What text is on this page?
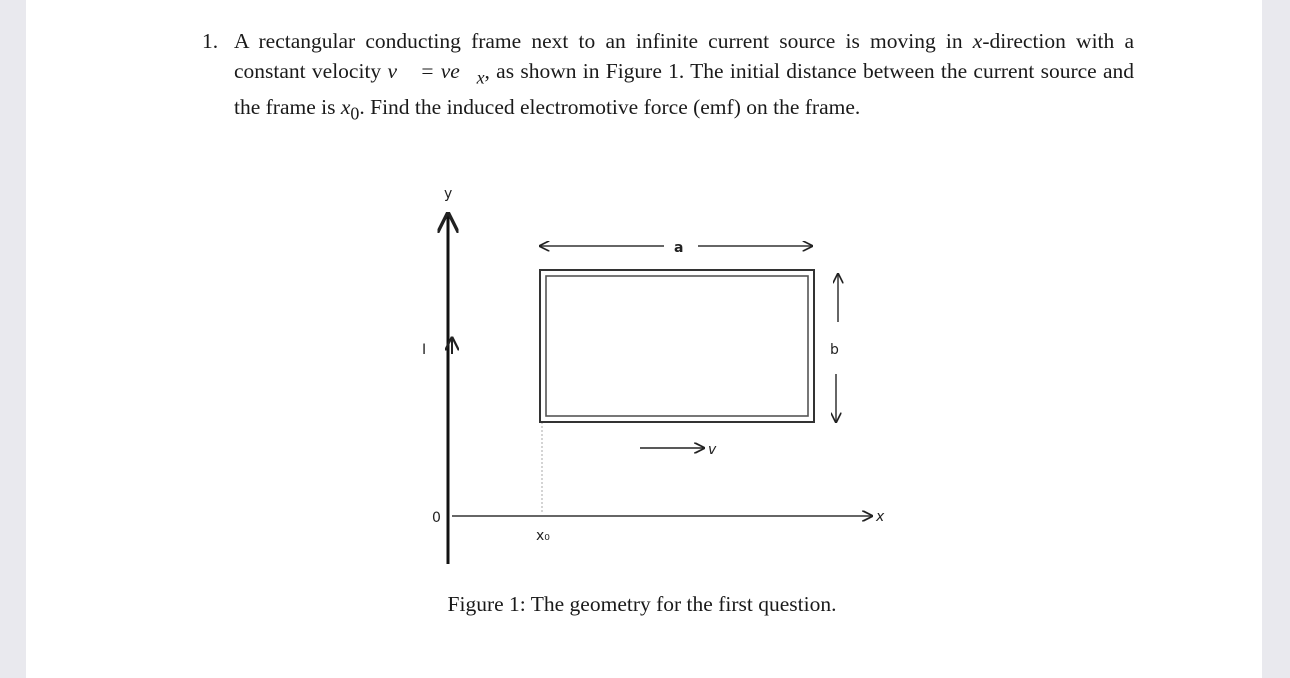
1. A rectangular conducting frame next to an infinite current source is moving in x-direction with a constant velocity v⃗ = $ve⃗_x$, as shown in Figure 1. The initial distance between the current source and the frame is $x_0$. Find the induced electromotive force (emf) on the frame.
y
I
x
0
x₀
a
b
v
Figure 1: The geometry for the first question.
